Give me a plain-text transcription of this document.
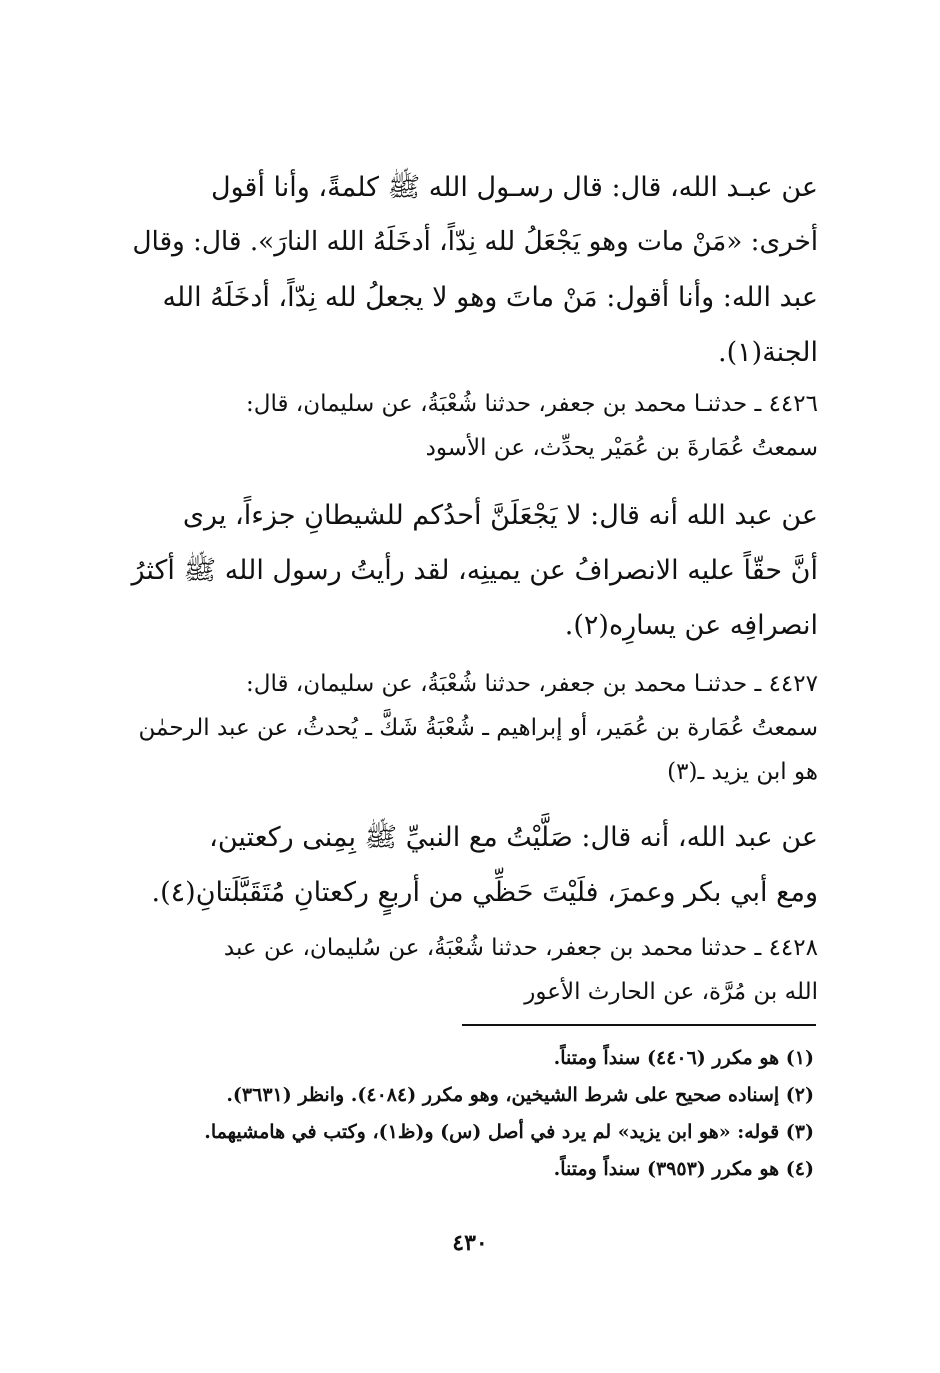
عن عبـد الله، قال: قال رسـول الله ﷺ كلمةً، وأنا أقول
أخرى: «مَنْ مات وهو يَجْعَلُ لله نِدّاً، أدخَلَهُ الله النارَ». قال: وقال
عبد الله: وأنا أقول: مَنْ ماتَ وهو لا يجعلُ لله نِدّاً، أدخَلَهُ الله
الجنة(١).
٤٤٢٦ ـ حدثنـا محمد بن جعفر، حدثنا شُعْبَةُ، عن سليمان، قال:
سمعتُ عُمَارةَ بن عُمَيْر يحدِّث، عن الأسود
عن عبد الله أنه قال: لا يَجْعَلَنَّ أحدُكم للشيطانِ جزءاً، يرى
أنَّ حقّاً عليه الانصرافُ عن يمينِه، لقد رأيتُ رسول الله ﷺ أكثرُ
انصرافِه عن يسارِه(٢).
٤٤٢٧ ـ حدثنـا محمد بن جعفر، حدثنا شُعْبَةُ، عن سليمان، قال:
سمعتُ عُمَارة بن عُمَير، أو إبراهيم ـ شُعْبَةُ شَكَّ ـ يُحدثُ، عن عبد الرحمٰن
هو ابن يزيد ـ(٣)
عن عبد الله، أنه قال: صَلَّيْتُ مع النبيِّ ﷺ بِمِنى ركعتين،
ومع أبي بكر وعمرَ، فلَيْتَ حَظِّي من أربعٍ ركعتانِ مُتَقَبَّلَتانِ(٤).
٤٤٢٨ ـ حدثنا محمد بن جعفر، حدثنا شُعْبَةُ، عن سُليمان، عن عبد
الله بن مُرَّة، عن الحارث الأعور
(١) هو مكرر (٤٤٠٦) سنداً ومتناً.
(٢) إسناده صحيح على شرط الشيخين، وهو مكرر (٤٠٨٤). وانظر (٣٦٣١).
(٣) قوله: «هو ابن يزيد» لم يرد في أصل (س) و(ظ١)، وكتب في هامشيهما.
(٤) هو مكرر (٣٩٥٣) سنداً ومتناً.
٤٣٠
